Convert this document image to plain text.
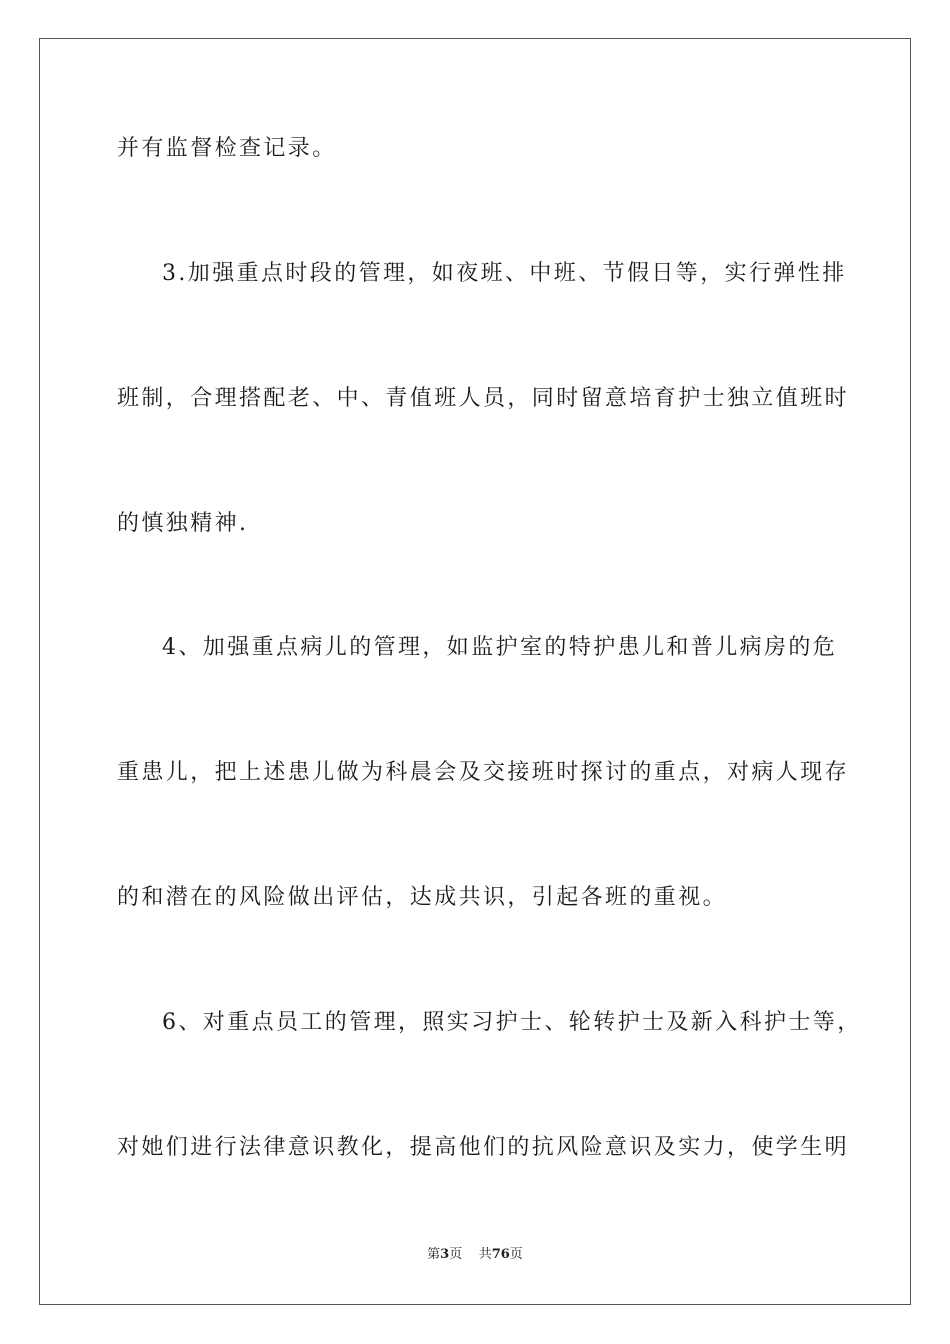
并有监督检查记录。
3.加强重点时段的管理，如夜班、中班、节假日等，实行弹性排
班制，合理搭配老、中、青值班人员，同时留意培育护士独立值班时
的慎独精神.
4、加强重点病儿的管理，如监护室的特护患儿和普儿病房的危
重患儿，把上述患儿做为科晨会及交接班时探讨的重点，对病人现存
的和潜在的风险做出评估，达成共识，引起各班的重视。
6、对重点员工的管理，照实习护士、轮转护士及新入科护士等，
对她们进行法律意识教化，提高他们的抗风险意识及实力，使学生明
第3页 共76页
